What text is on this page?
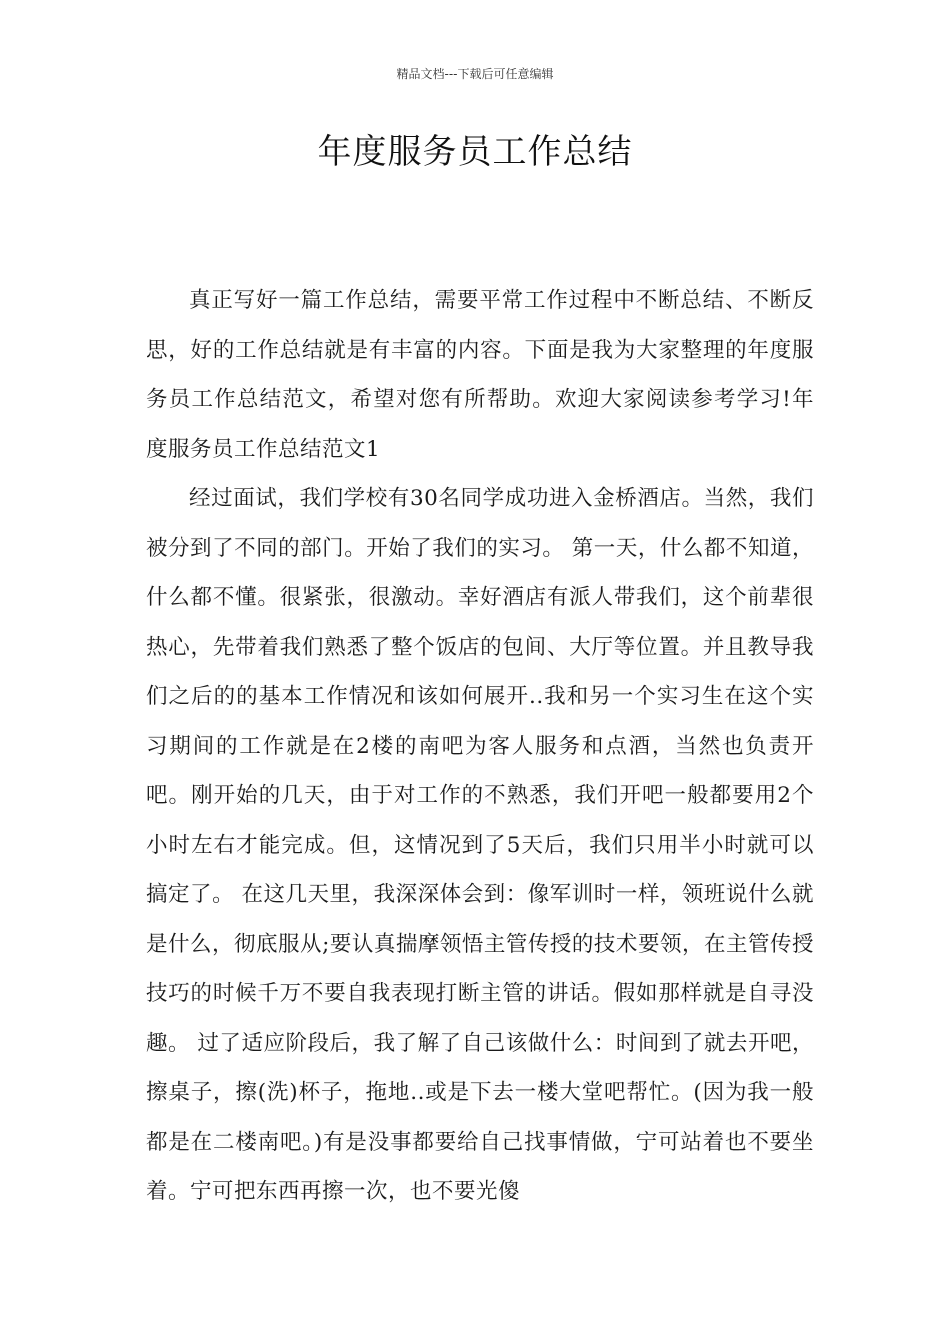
精品文档---下载后可任意编辑
年度服务员工作总结

真正写好一篇工作总结，需要平常工作过程中不断总结、不断反思，好的工作总结就是有丰富的内容。下面是我为大家整理的年度服务员工作总结范文，希望对您有所帮助。欢迎大家阅读参考学习!年度服务员工作总结范文1

经过面试，我们学校有30名同学成功进入金桥酒店。当然，我们被分到了不同的部门。开始了我们的实习。 第一天，什么都不知道，什么都不懂。很紧张，很激动。幸好酒店有派人带我们，这个前辈很热心，先带着我们熟悉了整个饭店的包间、大厅等位置。并且教导我们之后的的基本工作情况和该如何展开..我和另一个实习生在这个实习期间的工作就是在2楼的南吧为客人服务和点酒，当然也负责开吧。刚开始的几天，由于对工作的不熟悉，我们开吧一般都要用2个小时左右才能完成。但，这情况到了5天后，我们只用半小时就可以搞定了。 在这几天里，我深深体会到：像军训时一样，领班说什么就是什么，彻底服从;要认真揣摩领悟主管传授的技术要领，在主管传授技巧的时候千万不要自我表现打断主管的讲话。假如那样就是自寻没趣。 过了适应阶段后，我了解了自己该做什么：时间到了就去开吧，擦桌子，擦(洗)杯子，拖地..或是下去一楼大堂吧帮忙。(因为我一般都是在二楼南吧。)有是没事都要给自己找事情做，宁可站着也不要坐着。宁可把东西再擦一次，也不要光傻
